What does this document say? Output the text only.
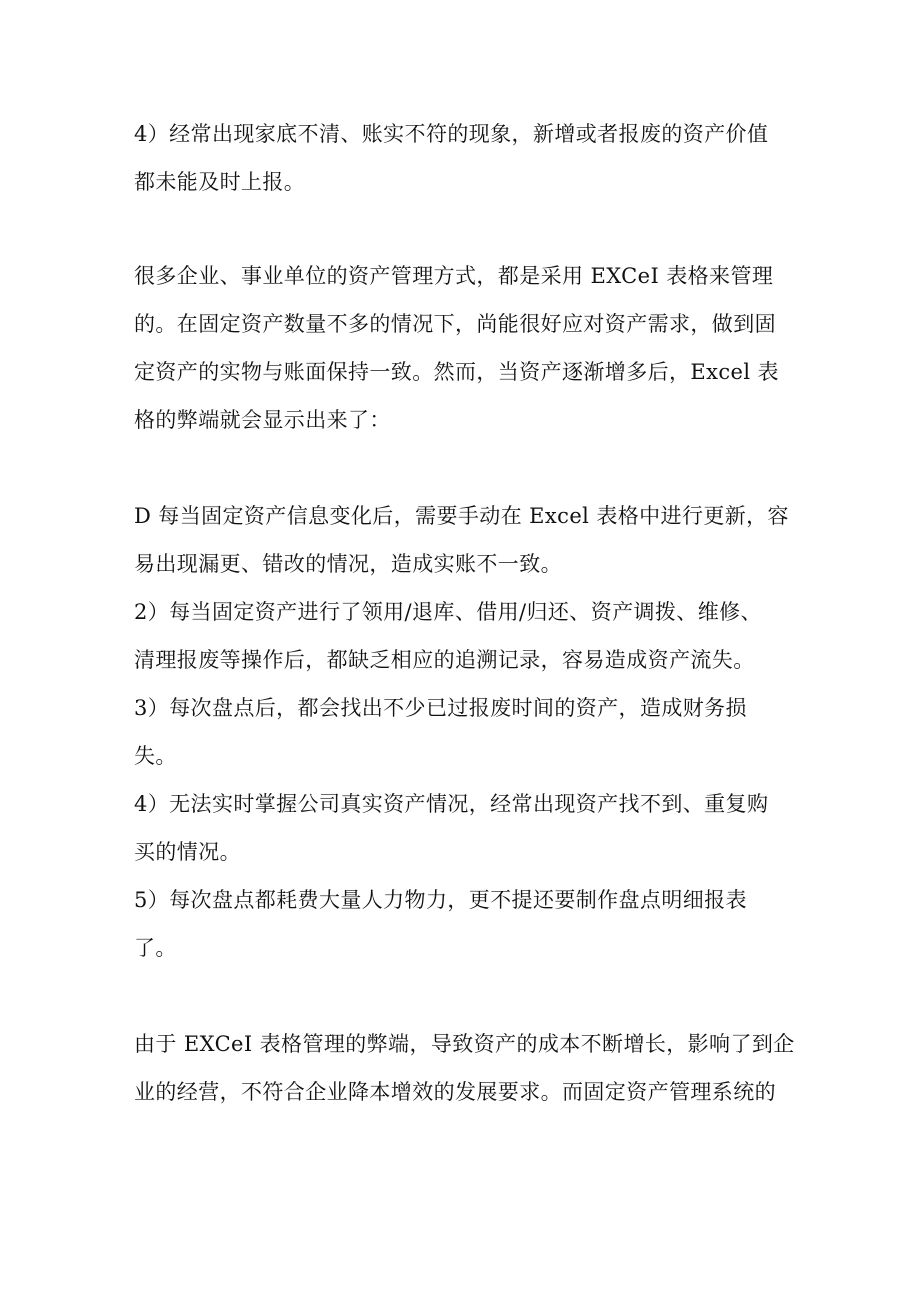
4）经常出现家底不清、账实不符的现象，新增或者报废的资产价值
都未能及时上报。
很多企业、事业单位的资产管理方式，都是采用 EXCeI 表格来管理
的。在固定资产数量不多的情况下，尚能很好应对资产需求，做到固
定资产的实物与账面保持一致。然而，当资产逐渐增多后，Excel 表
格的弊端就会显示出来了：
D 每当固定资产信息变化后，需要手动在 Excel 表格中进行更新，容
易出现漏更、错改的情况，造成实账不一致。
2）每当固定资产进行了领用/退库、借用/归还、资产调拨、维修、
清理报废等操作后，都缺乏相应的追溯记录，容易造成资产流失。
3）每次盘点后，都会找出不少已过报废时间的资产，造成财务损
失。
4）无法实时掌握公司真实资产情况，经常出现资产找不到、重复购
买的情况。
5）每次盘点都耗费大量人力物力，更不提还要制作盘点明细报表
了。
由于 EXCeI 表格管理的弊端，导致资产的成本不断增长，影响了到企
业的经营，不符合企业降本增效的发展要求。而固定资产管理系统的
